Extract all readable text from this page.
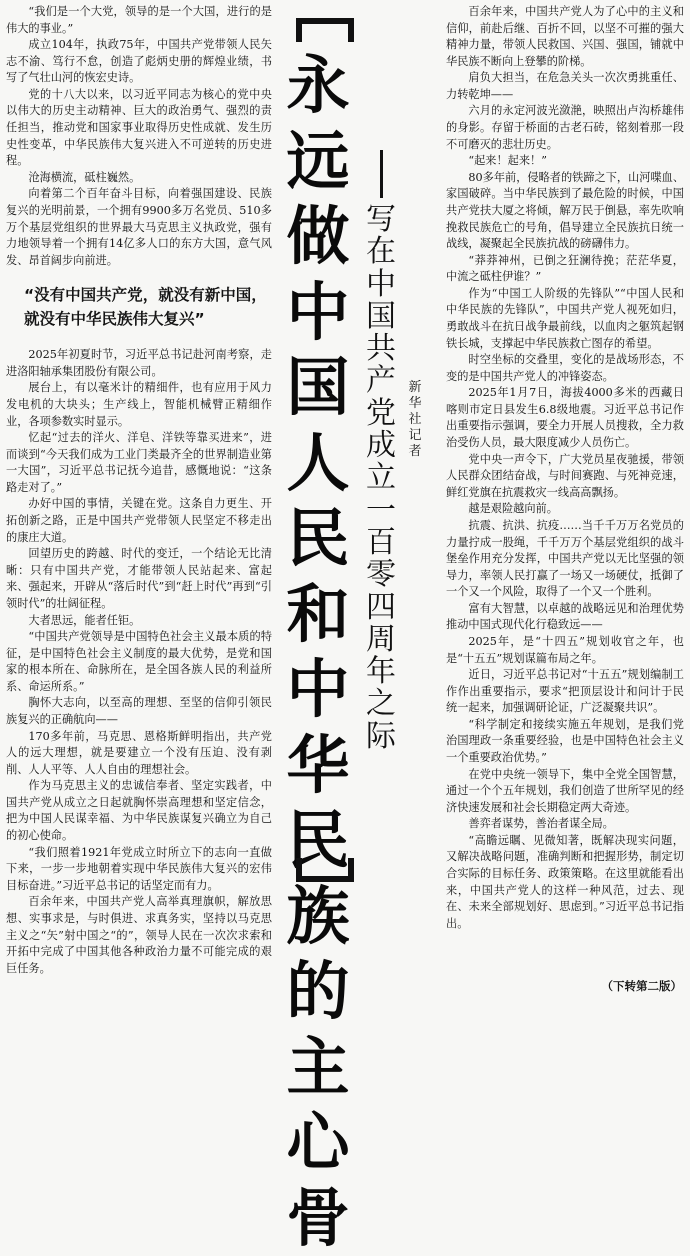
“我们是一个大党，领导的是一个大国，进行的是伟大的事业。”

成立104年，执政75年，中国共产党带领人民矢志不渝、笃行不怠，创造了彪炳史册的辉煌业绩，书写了气壮山河的恢宏史诗。

党的十八大以来，以习近平同志为核心的党中央以伟大的历史主动精神、巨大的政治勇气、强烈的责任担当，推动党和国家事业取得历史性成就、发生历史性变革，中华民族伟大复兴进入不可逆转的历史进程。

沧海横流，砥柱巍然。

向着第二个百年奋斗目标，向着强国建设、民族复兴的光明前景，一个拥有9900多万名党员、510多万个基层党组织的世界最大马克思主义执政党，强有力地领导着一个拥有14亿多人口的东方大国，意气风发、昂首阔步向前进。

“没有中国共产党，就没有新中国，就没有中华民族伟大复兴”

2025年初夏时节，习近平总书记赴河南考察，走进洛阳轴承集团股份有限公司。

展台上，有以毫米计的精细件，也有应用于风力发电机的大块头；生产线上，智能机械臂正精细作业，各项参数实时显示。

忆起“过去的洋火、洋皂、洋铁等靠买进来”，进而谈到“今天我们成为工业门类最齐全的世界制造业第一大国”，习近平总书记抚今追昔，感慨地说：“这条路走对了。”

办好中国的事情，关键在党。这条自力更生、开拓创新之路，正是中国共产党带领人民坚定不移走出的康庄大道。

回望历史的跨越、时代的变迁，一个结论无比清晰：只有中国共产党，才能带领人民站起来、富起来、强起来，开辟从“落后时代”到“赶上时代”再到“引领时代”的壮阔征程。

大者思远，能者任钜。

“中国共产党领导是中国特色社会主义最本质的特征，是中国特色社会主义制度的最大优势，是党和国家的根本所在、命脉所在，是全国各族人民的利益所系、命运所系。”

胸怀大志向，以至高的理想、至坚的信仰引领民族复兴的正确航向——

170多年前，马克思、恩格斯鲜明指出，共产党人的远大理想，就是要建立一个没有压迫、没有剥削、人人平等、人人自由的理想社会。

作为马克思主义的忠诚信奉者、坚定实践者，中国共产党从成立之日起就胸怀崇高理想和坚定信念，把为中国人民谋幸福、为中华民族谋复兴确立为自己的初心使命。

“我们照着1921年党成立时所立下的志向一直做下来，一步一步地朝着实现中华民族伟大复兴的宏伟目标奋进。”习近平总书记的话坚定而有力。

百余年来，中国共产党人高举真理旗帜，解放思想、实事求是，与时俱进、求真务实，坚持以马克思主义之“矢”射中国之“的”，领导人民在一次次求索和开拓中完成了中国其他各种政治力量不可能完成的艰巨任务。

永
远
做
中
国
人
民
和
中
华
民
族
的
主
心
骨
写
在
中
国
共
产
党
成
立
一
百
零
四
周
年
之
际
新
华
社
记
者

百余年来，中国共产党人为了心中的主义和信仰，前赴后继、百折不回，以坚不可摧的强大精神力量，带领人民救国、兴国、强国，铺就中华民族不断向上登攀的阶梯。

肩负大担当，在危急关头一次次勇挑重任、力转乾坤——

六月的永定河波光潋滟，映照出卢沟桥雄伟的身影。存留于桥面的古老石砖，铭刻着那一段不可磨灭的悲壮历史。

“起来！起来！”

80多年前，侵略者的铁蹄之下，山河喋血、家国破碎。当中华民族到了最危险的时候，中国共产党扶大厦之将倾，解万民于倒悬，率先吹响挽救民族危亡的号角，倡导建立全民族抗日统一战线，凝聚起全民族抗战的磅礴伟力。

“莽莽神州，已倒之狂澜待挽；茫茫华夏，中流之砥柱伊谁？”

作为“中国工人阶级的先锋队”“中国人民和中华民族的先锋队”，中国共产党人视死如归，勇敢战斗在抗日战争最前线，以血肉之躯筑起钢铁长城，支撑起中华民族救亡图存的希望。

时空坐标的交叠里，变化的是战场形态，不变的是中国共产党人的冲锋姿态。

2025年1月7日，海拔4000多米的西藏日喀则市定日县发生6.8级地震。习近平总书记作出重要指示强调，要全力开展人员搜救，全力救治受伤人员，最大限度减少人员伤亡。

党中央一声令下，广大党员星夜驰援，带领人民群众团结奋战，与时间赛跑、与死神竞速，鲜红党旗在抗震救灾一线高高飘扬。

越是艰险越向前。

抗震、抗洪、抗疫……当千千万万名党员的力量拧成一股绳，千千万万个基层党组织的战斗堡垒作用充分发挥，中国共产党以无比坚强的领导力，率领人民打赢了一场又一场硬仗，抵御了一个又一个风险，取得了一个又一个胜利。

富有大智慧，以卓越的战略远见和治理优势推动中国式现代化行稳致远——

2025年，是“十四五”规划收官之年，也是“十五五”规划谋篇布局之年。

近日，习近平总书记对“十五五”规划编制工作作出重要指示，要求“把顶层设计和问计于民统一起来，加强调研论证，广泛凝聚共识”。

“科学制定和接续实施五年规划，是我们党治国理政一条重要经验，也是中国特色社会主义一个重要政治优势。”

在党中央统一领导下，集中全党全国智慧，通过一个个五年规划，我们创造了世所罕见的经济快速发展和社会长期稳定两大奇迹。

善弈者谋势，善治者谋全局。

“高瞻远瞩、见微知著，既解决现实问题，又解决战略问题，准确判断和把握形势，制定切合实际的目标任务、政策策略。在这里就能看出来，中国共产党人的这样一种风范，过去、现在、未来全部规划好、思虑到。”习近平总书记指出。

（下转第二版）
